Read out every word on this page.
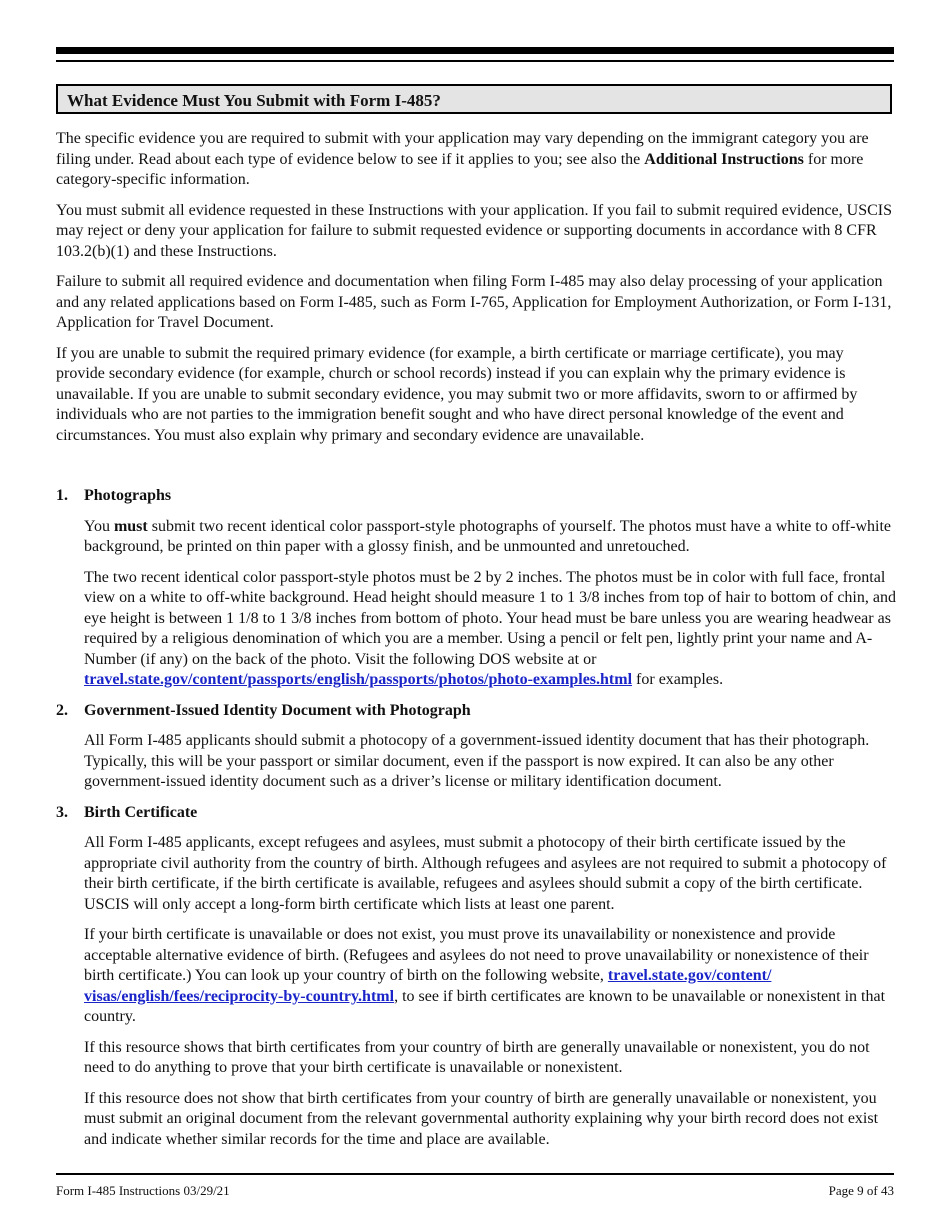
What Evidence Must You Submit with Form I-485?

The specific evidence you are required to submit with your application may vary depending on the immigrant category you are filing under. Read about each type of evidence below to see if it applies to you; see also the Additional Instructions for more category-specific information.

You must submit all evidence requested in these Instructions with your application. If you fail to submit required evidence, USCIS may reject or deny your application for failure to submit requested evidence or supporting documents in accordance with 8 CFR 103.2(b)(1) and these Instructions.

Failure to submit all required evidence and documentation when filing Form I-485 may also delay processing of your application and any related applications based on Form I-485, such as Form I-765, Application for Employment Authorization, or Form I-131, Application for Travel Document.

If you are unable to submit the required primary evidence (for example, a birth certificate or marriage certificate), you may provide secondary evidence (for example, church or school records) instead if you can explain why the primary evidence is unavailable. If you are unable to submit secondary evidence, you may submit two or more affidavits, sworn to or affirmed by individuals who are not parties to the immigration benefit sought and who have direct personal knowledge of the event and circumstances. You must also explain why primary and secondary evidence are unavailable.

1. Photographs

You must submit two recent identical color passport-style photographs of yourself. The photos must have a white to off-white background, be printed on thin paper with a glossy finish, and be unmounted and unretouched.

The two recent identical color passport-style photos must be 2 by 2 inches. The photos must be in color with full face, frontal view on a white to off-white background. Head height should measure 1 to 1 3/8 inches from top of hair to bottom of chin, and eye height is between 1 1/8 to 1 3/8 inches from bottom of photo. Your head must be bare unless you are wearing headwear as required by a religious denomination of which you are a member. Using a pencil or felt pen, lightly print your name and A-Number (if any) on the back of the photo. Visit the following DOS website at or travel.state.gov/content/passports/english/passports/photos/photo-examples.html for examples.

2. Government-Issued Identity Document with Photograph

All Form I-485 applicants should submit a photocopy of a government-issued identity document that has their photograph. Typically, this will be your passport or similar document, even if the passport is now expired. It can also be any other government-issued identity document such as a driver’s license or military identification document.

3. Birth Certificate

All Form I-485 applicants, except refugees and asylees, must submit a photocopy of their birth certificate issued by the appropriate civil authority from the country of birth. Although refugees and asylees are not required to submit a photocopy of their birth certificate, if the birth certificate is available, refugees and asylees should submit a copy of the birth certificate. USCIS will only accept a long-form birth certificate which lists at least one parent.

If your birth certificate is unavailable or does not exist, you must prove its unavailability or nonexistence and provide acceptable alternative evidence of birth. (Refugees and asylees do not need to prove unavailability or nonexistence of their birth certificate.) You can look up your country of birth on the following website, travel.state.gov/content/ visas/english/fees/reciprocity-by-country.html, to see if birth certificates are known to be unavailable or nonexistent in that country.

If this resource shows that birth certificates from your country of birth are generally unavailable or nonexistent, you do not need to do anything to prove that your birth certificate is unavailable or nonexistent.

If this resource does not show that birth certificates from your country of birth are generally unavailable or nonexistent, you must submit an original document from the relevant governmental authority explaining why your birth record does not exist and indicate whether similar records for the time and place are available.

Form I-485 Instructions 03/29/21	Page 9 of 43
